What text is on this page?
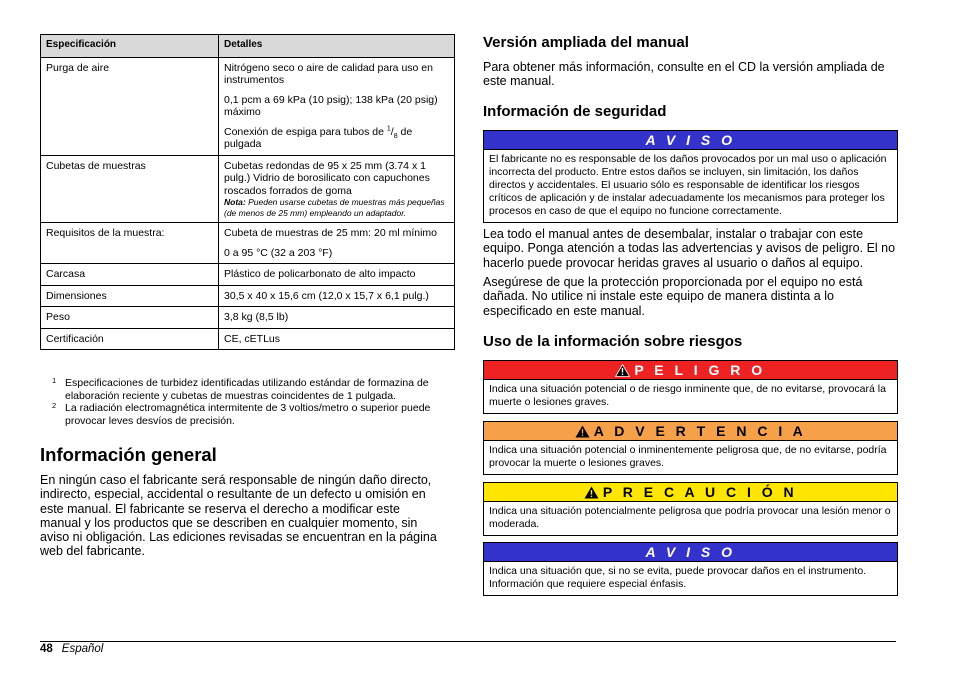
Especificación	Detalles
Purga de aire	Nitrógeno seco o aire de calidad para uso en instrumentos

0,1 pcm a 69 kPa (10 psig); 138 kPa (20 psig) máximo

Conexión de espiga para tubos de $^1/_8$ de pulgada

Cubetas de muestras	Cubetas redondas de 95 x 25 mm (3.74 x 1 pulg.) Vidrio de borosilicato con capuchones roscados forrados de goma
Nota: Pueden usarse cubetas de muestras más pequeñas (de menos de 25 mm) empleando un adaptador.

Requisitos de la muestra:	Cubeta de muestras de 25 mm: 20 ml mínimo

0 a 95 °C (32 a 203 °F)

Carcasa	Plástico de policarbonato de alto impacto
Dimensiones	30,5 x 40 x 15,6 cm (12,0 x 15,7 x 6,1 pulg.)
Peso	3,8 kg (8,5 lb)
Certificación	CE, cETLus

1 Especificaciones de turbidez identificadas utilizando estándar de formazina de elaboración reciente y cubetas de muestras coincidentes de 1 pulgada.

2 La radiación electromagnética intermitente de 3 voltios/metro o superior puede provocar leves desvíos de precisión.

Información general

En ningún caso el fabricante será responsable de ningún daño directo, indirecto, especial, accidental o resultante de un defecto u omisión en este manual. El fabricante se reserva el derecho a modificar este manual y los productos que se describen en cualquier momento, sin aviso ni obligación. Las ediciones revisadas se encuentran en la página web del fabricante.

Versión ampliada del manual

Para obtener más información, consulte en el CD la versión ampliada de este manual.

Información de seguridad
A V I S O
El fabricante no es responsable de los daños provocados por un mal uso o aplicación incorrecta del producto. Entre estos daños se incluyen, sin limitación, los daños directos y accidentales. El usuario sólo es responsable de identificar los riesgos críticos de aplicación y de instalar adecuadamente los mecanismos para proteger los procesos en caso de que el equipo no funcione correctamente.

Lea todo el manual antes de desembalar, instalar o trabajar con este equipo. Ponga atención a todas las advertencias y avisos de peligro. El no hacerlo puede provocar heridas graves al usuario o daños al equipo.

Asegúrese de que la protección proporcionada por el equipo no está dañada. No utilice ni instale este equipo de manera distinta a lo especificado en este manual.

Uso de la información sobre riesgos
P E L I G R O
Indica una situación potencial o de riesgo inminente que, de no evitarse, provocará la muerte o lesiones graves.
A D V E R T E N C I A
Indica una situación potencial o inminentemente peligrosa que, de no evitarse, podría provocar la muerte o lesiones graves.
P R E C A U C I Ó N
Indica una situación potencialmente peligrosa que podría provocar una lesión menor o moderada.
A V I S O
Indica una situación que, si no se evita, puede provocar daños en el instrumento. Información que requiere especial énfasis.
48 Español
